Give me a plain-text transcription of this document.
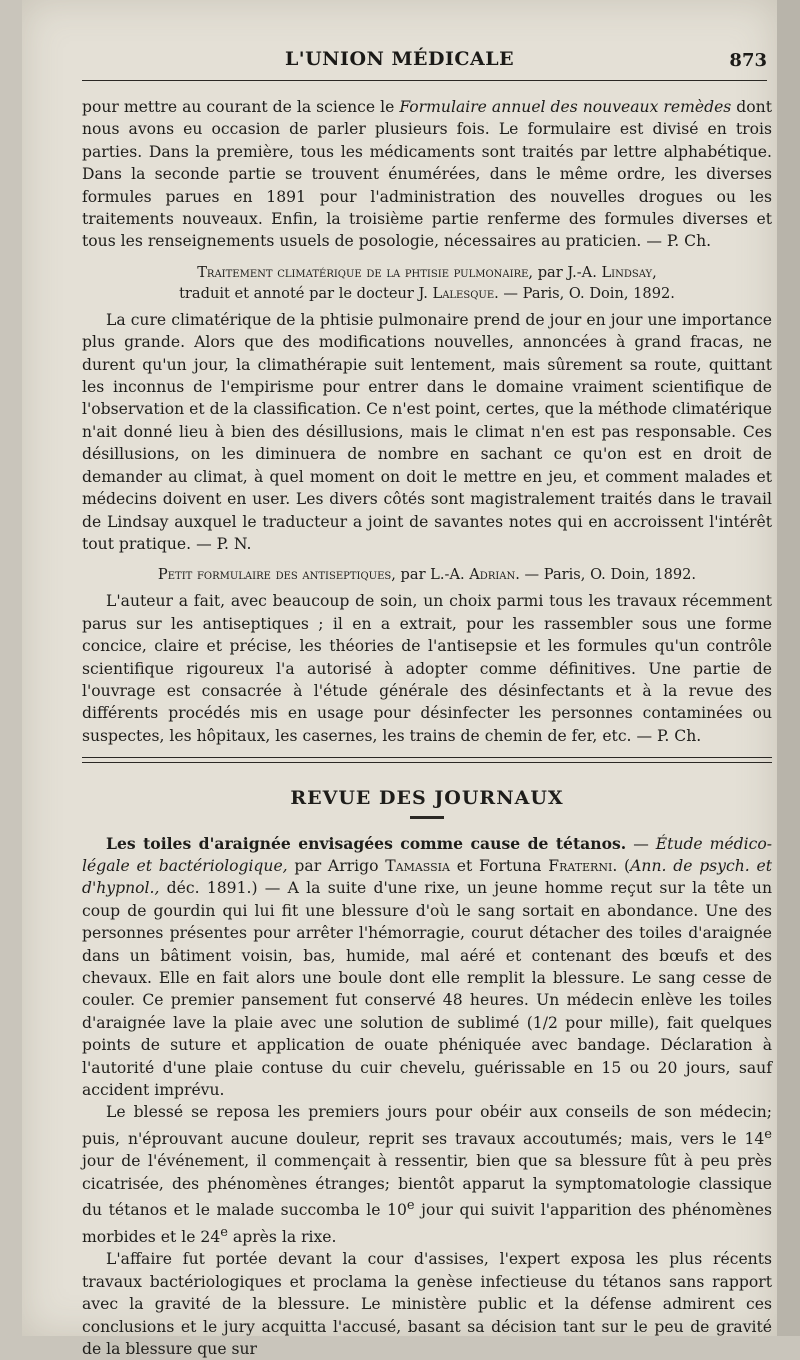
L'UNION MÉDICALE	873

pour mettre au courant de la science le Formulaire annuel des nouveaux remèdes dont nous avons eu occasion de parler plusieurs fois. Le formulaire est divisé en trois parties. Dans la première, tous les médicaments sont traités par lettre alphabétique. Dans la seconde partie se trouvent énumérées, dans le même ordre, les diverses formules parues en 1891 pour l'administration des nouvelles drogues ou les traitements nouveaux. Enfin, la troisième partie renferme des formules diverses et tous les renseignements usuels de posologie, nécessaires au praticien. — P. Ch.

Traitement climatérique de la phtisie pulmonaire, par J.-A. Lindsay,
traduit et annoté par le docteur J. Lalesque. — Paris, O. Doin, 1892.

La cure climatérique de la phtisie pulmonaire prend de jour en jour une importance plus grande. Alors que des modifications nouvelles, annoncées à grand fracas, ne durent qu'un jour, la climathérapie suit lentement, mais sûrement sa route, quittant les inconnus de l'empirisme pour entrer dans le domaine vraiment scientifique de l'observation et de la classification. Ce n'est point, certes, que la méthode climatérique n'ait donné lieu à bien des désillusions, mais le climat n'en est pas responsable. Ces désillusions, on les diminuera de nombre en sachant ce qu'on est en droit de demander au climat, à quel moment on doit le mettre en jeu, et comment malades et médecins doivent en user. Les divers côtés sont magistralement traités dans le travail de Lindsay auxquel le traducteur a joint de savantes notes qui en accroissent l'intérêt tout pratique. — P. N.

Petit formulaire des antiseptiques, par L.-A. Adrian. — Paris, O. Doin, 1892.

L'auteur a fait, avec beaucoup de soin, un choix parmi tous les travaux récemment parus sur les antiseptiques ; il en a extrait, pour les rassembler sous une forme concice, claire et précise, les théories de l'antisepsie et les formules qu'un contrôle scientifique rigoureux l'a autorisé à adopter comme définitives. Une partie de l'ouvrage est consacrée à l'étude générale des désinfectants et à la revue des différents procédés mis en usage pour désinfecter les personnes contaminées ou suspectes, les hôpitaux, les casernes, les trains de chemin de fer, etc. — P. Ch.

REVUE DES JOURNAUX

Les toiles d'araignée envisagées comme cause de tétanos. — Étude médico-légale et bactériologique, par Arrigo Tamassia et Fortuna Fraterni. (Ann. de psych. et d'hypnol., déc. 1891.) — A la suite d'une rixe, un jeune homme reçut sur la tête un coup de gourdin qui lui fit une blessure d'où le sang sortait en abondance. Une des personnes présentes pour arrêter l'hémorragie, courut détacher des toiles d'araignée dans un bâtiment voisin, bas, humide, mal aéré et contenant des bœufs et des chevaux. Elle en fait alors une boule dont elle remplit la blessure. Le sang cesse de couler. Ce premier pansement fut conservé 48 heures. Un médecin enlève les toiles d'araignée lave la plaie avec une solution de sublimé (1/2 pour mille), fait quelques points de suture et application de ouate phéniquée avec bandage. Déclaration à l'autorité d'une plaie contuse du cuir chevelu, guérissable en 15 ou 20 jours, sauf accident imprévu.

Le blessé se reposa les premiers jours pour obéir aux conseils de son médecin; puis, n'éprouvant aucune douleur, reprit ses travaux accoutumés; mais, vers le 14e jour de l'événement, il commençait à ressentir, bien que sa blessure fût à peu près cicatrisée, des phénomènes étranges; bientôt apparut la symptomatologie classique du tétanos et le malade succomba le 10e jour qui suivit l'apparition des phénomènes morbides et le 24e après la rixe.

L'affaire fut portée devant la cour d'assises, l'expert exposa les plus récents travaux bactériologiques et proclama la genèse infectieuse du tétanos sans rapport avec la gravité de la blessure. Le ministère public et la défense admirent ces conclusions et le jury acquitta l'accusé, basant sa décision tant sur le peu de gravité de la blessure que sur
